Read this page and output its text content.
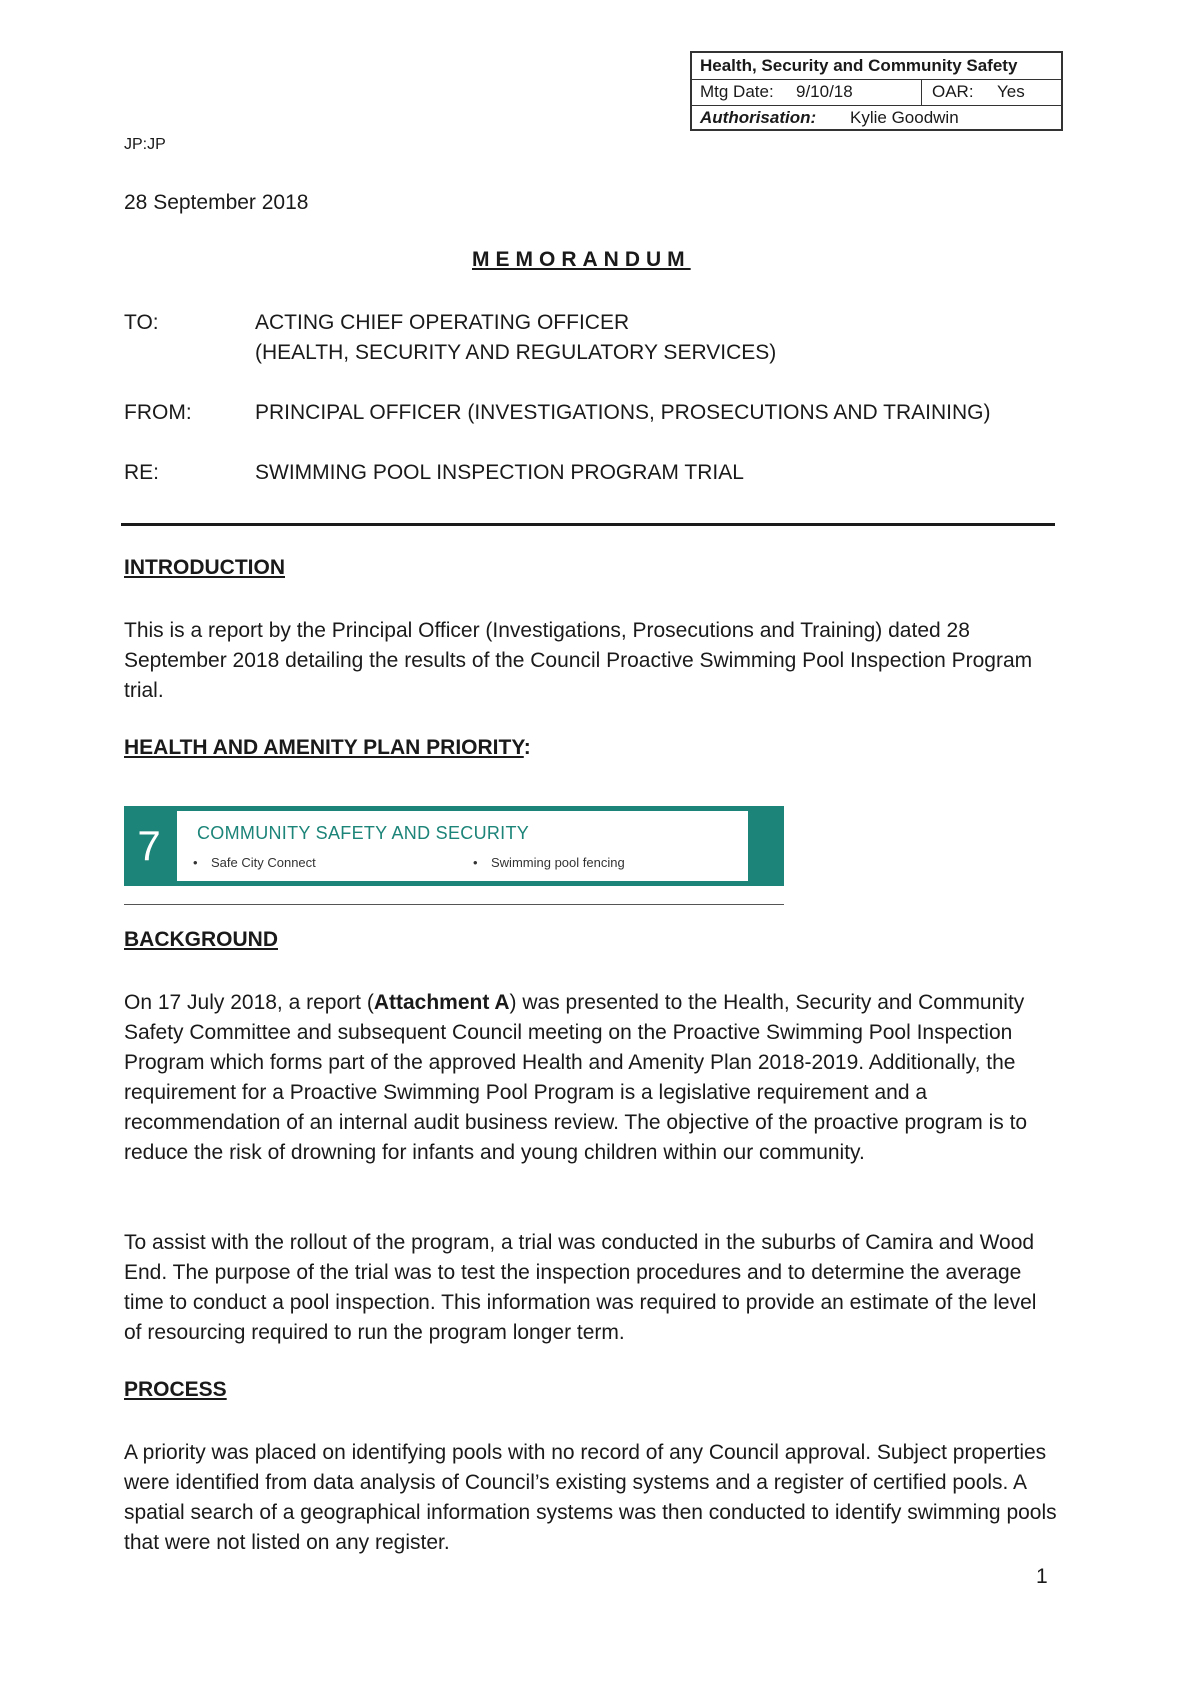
Health, Security and Community Safety
Mtg Date: 9/10/18	OAR: Yes
Authorisation: Kylie Goodwin
JP:JP
28 September 2018
MEMORANDUM
TO:	ACTING CHIEF OPERATING OFFICER
(HEALTH, SECURITY AND REGULATORY SERVICES)
FROM:	PRINCIPAL OFFICER (INVESTIGATIONS, PROSECUTIONS AND TRAINING)
RE:	SWIMMING POOL INSPECTION PROGRAM TRIAL
INTRODUCTION
This is a report by the Principal Officer (Investigations, Prosecutions and Training) dated 28 September 2018 detailing the results of the Council Proactive Swimming Pool Inspection Program trial.
HEALTH AND AMENITY PLAN PRIORITY:
7	COMMUNITY SAFETY AND SECURITY
• Safe City Connect	• Swimming pool fencing
BACKGROUND
On 17 July 2018, a report (Attachment A) was presented to the Health, Security and Community Safety Committee and subsequent Council meeting on the Proactive Swimming Pool Inspection Program which forms part of the approved Health and Amenity Plan 2018-2019. Additionally, the requirement for a Proactive Swimming Pool Program is a legislative requirement and a recommendation of an internal audit business review. The objective of the proactive program is to reduce the risk of drowning for infants and young children within our community.
To assist with the rollout of the program, a trial was conducted in the suburbs of Camira and Wood End. The purpose of the trial was to test the inspection procedures and to determine the average time to conduct a pool inspection. This information was required to provide an estimate of the level of resourcing required to run the program longer term.
PROCESS
A priority was placed on identifying pools with no record of any Council approval. Subject properties were identified from data analysis of Council’s existing systems and a register of certified pools. A spatial search of a geographical information systems was then conducted to identify swimming pools that were not listed on any register.
1
